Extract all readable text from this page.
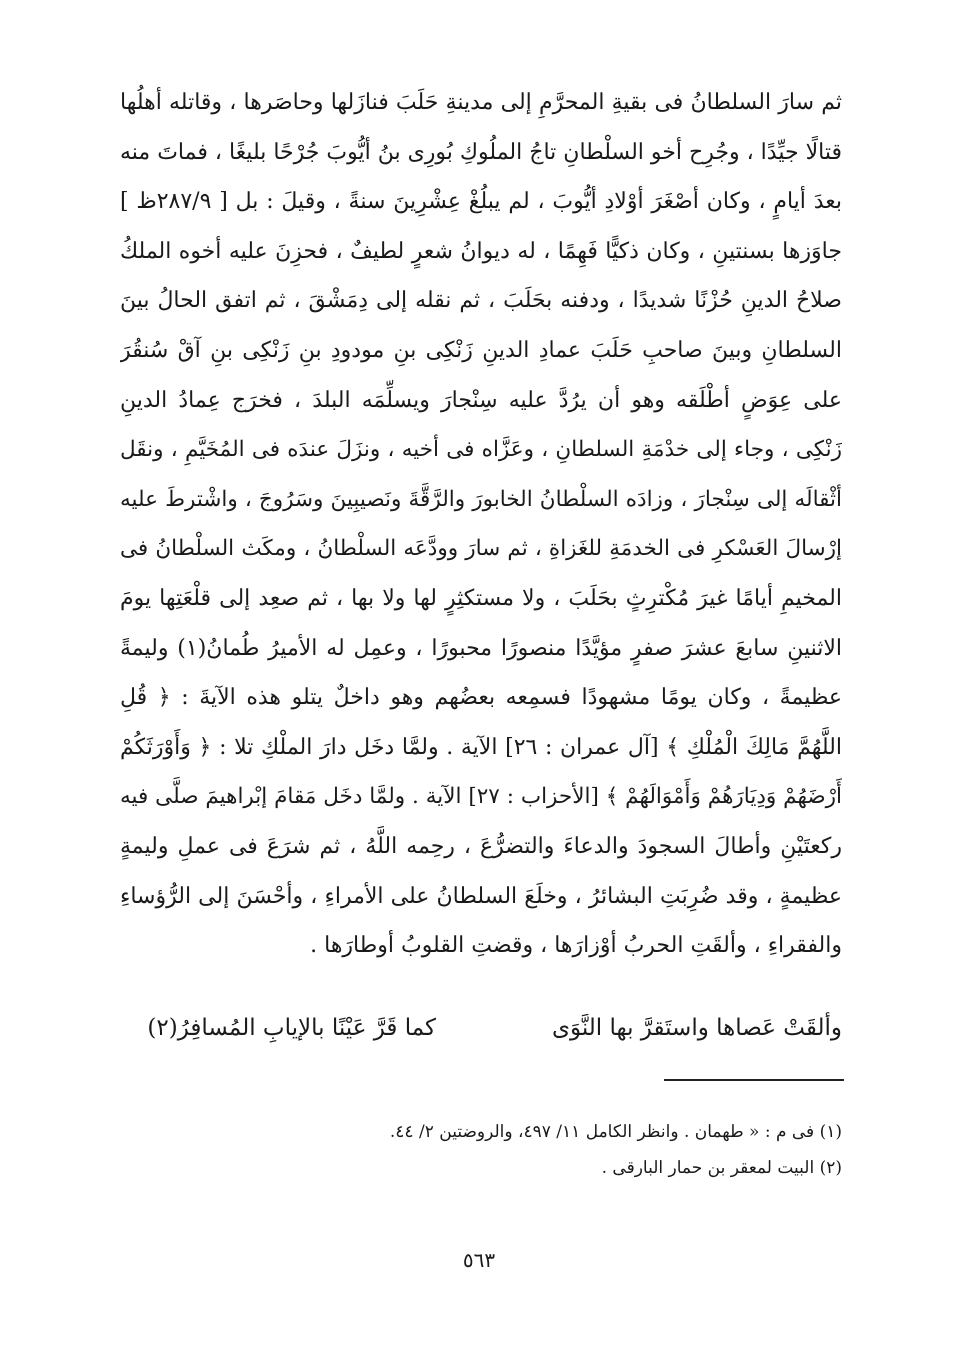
ثم سارَ السلطانُ فى بقيةِ المحرَّمِ إلى مدينةِ حَلَبَ فنازَلها وحاصَرها ، وقاتله أهلُها
قتالًا جيِّدًا ، وجُرِح أخو السلْطانِ تاجُ الملُوكِ بُورِى بنُ أيُّوبَ جُرْحًا بليغًا ، فماتَ منه
بعدَ أيامٍ ، وكان أصْغَرَ أوْلادِ أيُّوبَ ، لم يبلُغْ عِشْرِينَ سنةً ، وقيلَ : بل [ ٢٨٧/٩ظ ]
جاوَزها بسنتينِ ، وكان ذكيًّا فَهِمًا ، له ديوانُ شعرٍ لطيفٌ ، فحزِنَ عليه أخوه الملكُ
صلاحُ الدينِ حُزْنًا شديدًا ، ودفنه بحَلَبَ ، ثم نقله إلى دِمَشْقَ ، ثم اتفق الحالُ بينَ
السلطانِ وبينَ صاحبِ حَلَبَ عمادِ الدينِ زَنْكِى بنِ مودودِ بنِ زَنْكِى بنِ آقْ سُنقُرَ
على عِوَضٍ أطْلَقه وهو أن يرُدَّ عليه سِنْجارَ ويسلِّمَه البلدَ ، فخرَج عِمادُ الدينِ
زَنْكِى ، وجاء إلى خدْمَةِ السلطانِ ، وعَزَّاه فى أخيه ، ونزَلَ عندَه فى المُخَيَّمِ ، ونقَل
أثْقالَه إلى سِنْجارَ ، وزادَه السلْطانُ الخابورَ والرَّقَّةَ ونَصيبِينَ وسَرُوجَ ، واشْترطَ عليه
إرْسالَ العَسْكرِ فى الخدمَةِ للغَزاةِ ، ثم سارَ وودَّعَه السلْطانُ ، ومكَث السلْطانُ فى
المخيمِ أيامًا غيرَ مُكْترِثٍ بحَلَبَ ، ولا مستكثِرٍ لها ولا بها ، ثم صعِد إلى قلْعَتِها يومَ
الاثنينِ سابعَ عشرَ صفرٍ مؤيَّدًا منصورًا محبورًا ، وعمِل له الأميرُ طُمانُ(١) وليمةً
عظيمةً ، وكان يومًا مشهودًا فسمِعه بعضُهم وهو داخلٌ يتلو هذه الآيةَ : ﴿ قُلِ
اللَّهُمَّ مَالِكَ الْمُلْكِ ﴾ [آل عمران : ٢٦] الآية . ولمَّا دخَل دارَ الملْكِ تلا : ﴿ وَأَوْرَثَكُمْ
أَرْضَهُمْ وَدِيَارَهُمْ وَأَمْوَالَهُمْ ﴾ [الأحزاب : ٢٧] الآية . ولمَّا دخَل مَقامَ إبْراهيمَ صلَّى فيه
ركعتَيْنِ وأطالَ السجودَ والدعاءَ والتضرُّعَ ، رحِمه اللَّهُ ، ثم شرَعَ فى عملِ وليمةٍ
عظيمةٍ ، وقد ضُرِبَتِ البشائرُ ، وخلَعَ السلطانُ على الأمراءِ ، وأحْسَنَ إلى الرُّؤساءِ
والفقراءِ ، وألقَتِ الحربُ أوْزارَها ، وقضتِ القلوبُ أوطارَها .
وألقَتْ عَصاها واستَقرَّ بها النَّوَى
كما قَرَّ عَيْنًا بالإيابِ المُسافِرُ(٢)
(١) فى م : « طهمان . وانظر الكامل ١١/ ٤٩٧، والروضتين ٢/ ٤٤.
(٢) البيت لمعقر بن حمار البارقى .
٥٦٣
